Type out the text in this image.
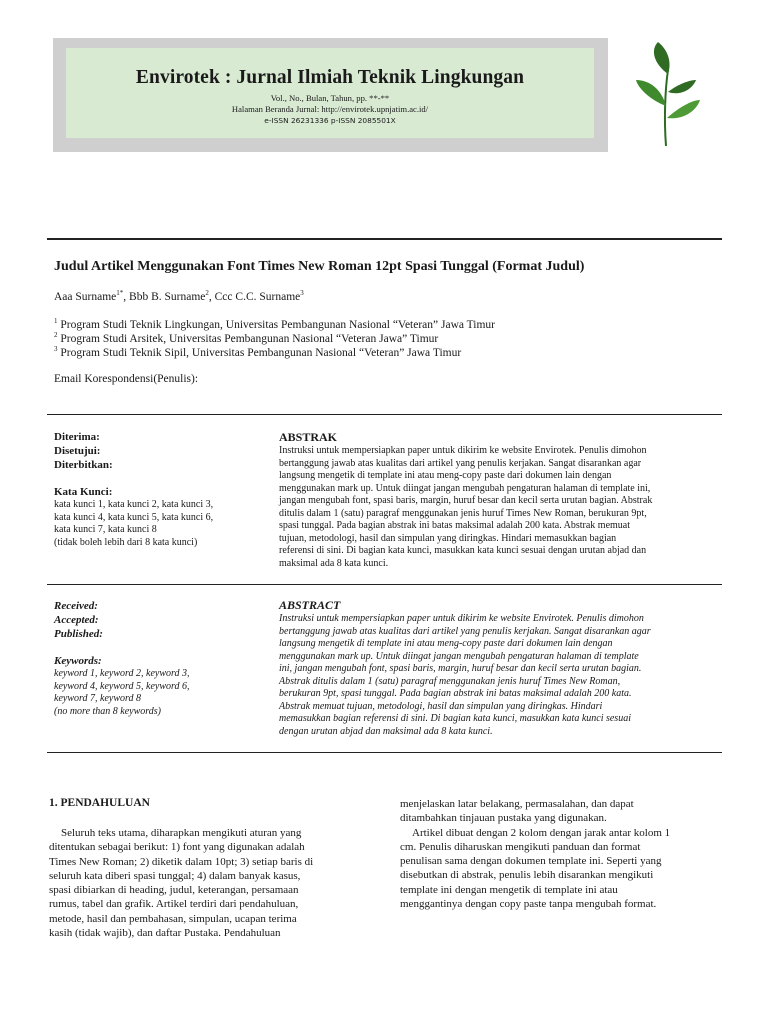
Envirotek : Jurnal Ilmiah Teknik Lingkungan
Vol., No., Bulan, Tahun, pp. **-**
Halaman Beranda Jurnal: http://envirotek.upnjatim.ac.id/
e-ISSN 26231336 p-ISSN 2085501X
Judul Artikel Menggunakan Font Times New Roman 12pt Spasi Tunggal (Format Judul)
Aaa Surname$^{1*}$, Bbb B. Surname$^2$, Ccc C.C. Surname$^3$
$^1$ Program Studi Teknik Lingkungan, Universitas Pembangunan Nasional “Veteran” Jawa Timur
$^2$ Program Studi Arsitek, Universitas Pembangunan Nasional “Veteran Jawa” Timur
$^3$ Program Studi Teknik Sipil, Universitas Pembangunan Nasional “Veteran” Jawa Timur
Email Korespondensi(Penulis):
Diterima:
Disetujui:
Diterbitkan:
Kata Kunci:
kata kunci 1, kata kunci 2, kata kunci 3,
kata kunci 4, kata kunci 5, kata kunci 6,
kata kunci 7, kata kunci 8
(tidak boleh lebih dari 8 kata kunci)
ABSTRAK
Instruksi untuk mempersiapkan paper untuk dikirim ke website Envirotek. Penulis dimohon
bertanggung jawab atas kualitas dari artikel yang penulis kerjakan. Sangat disarankan agar
langsung mengetik di template ini atau meng-copy paste dari dokumen lain dengan
menggunakan mark up. Untuk diingat jangan mengubah pengaturan halaman di template ini,
jangan mengubah font, spasi baris, margin, huruf besar dan kecil serta urutan bagian. Abstrak
ditulis dalam 1 (satu) paragraf menggunakan jenis huruf Times New Roman, berukuran 9pt,
spasi tunggal. Pada bagian abstrak ini batas maksimal adalah 200 kata. Abstrak memuat
tujuan, metodologi, hasil dan simpulan yang diringkas. Hindari memasukkan bagian
referensi di sini. Di bagian kata kunci, masukkan kata kunci sesuai dengan urutan abjad dan
maksimal ada 8 kata kunci.
Received:
Accepted:
Published:
Keywords:
keyword 1, keyword 2, keyword 3,
keyword 4, keyword 5, keyword 6,
keyword 7, keyword 8
(no more than 8 keywords)
ABSTRACT
Instruksi untuk mempersiapkan paper untuk dikirim ke website Envirotek. Penulis dimohon
bertanggung jawab atas kualitas dari artikel yang penulis kerjakan. Sangat disarankan agar
langsung mengetik di template ini atau meng-copy paste dari dokumen lain dengan
menggunakan mark up. Untuk diingat jangan mengubah pengaturan halaman di template
ini, jangan mengubah font, spasi baris, margin, huruf besar dan kecil serta urutan bagian.
Abstrak ditulis dalam 1 (satu) paragraf menggunakan jenis huruf Times New Roman,
berukuran 9pt, spasi tunggal. Pada bagian abstrak ini batas maksimal adalah 200 kata.
Abstrak memuat tujuan, metodologi, hasil dan simpulan yang diringkas. Hindari
memasukkan bagian referensi di sini. Di bagian kata kunci, masukkan kata kunci sesuai
dengan urutan abjad dan maksimal ada 8 kata kunci.
1. PENDAHULUAN
Seluruh teks utama, diharapkan mengikuti aturan yang
ditentukan sebagai berikut: 1) font yang digunakan adalah
Times New Roman; 2) diketik dalam 10pt; 3) setiap baris di
seluruh kata diberi spasi tunggal; 4) dalam banyak kasus,
spasi dibiarkan di heading, judul, keterangan, persamaan
rumus, tabel dan grafik. Artikel terdiri dari pendahuluan,
metode, hasil dan pembahasan, simpulan, ucapan terima
kasih (tidak wajib), dan daftar Pustaka. Pendahuluan
menjelaskan latar belakang, permasalahan, dan dapat
ditambahkan tinjauan pustaka yang digunakan.
Artikel dibuat dengan 2 kolom dengan jarak antar kolom 1
cm. Penulis diharuskan mengikuti panduan dan format
penulisan sama dengan dokumen template ini. Seperti yang
disebutkan di abstrak, penulis lebih disarankan mengikuti
template ini dengan mengetik di template ini atau
menggantinya dengan copy paste tanpa mengubah format.
